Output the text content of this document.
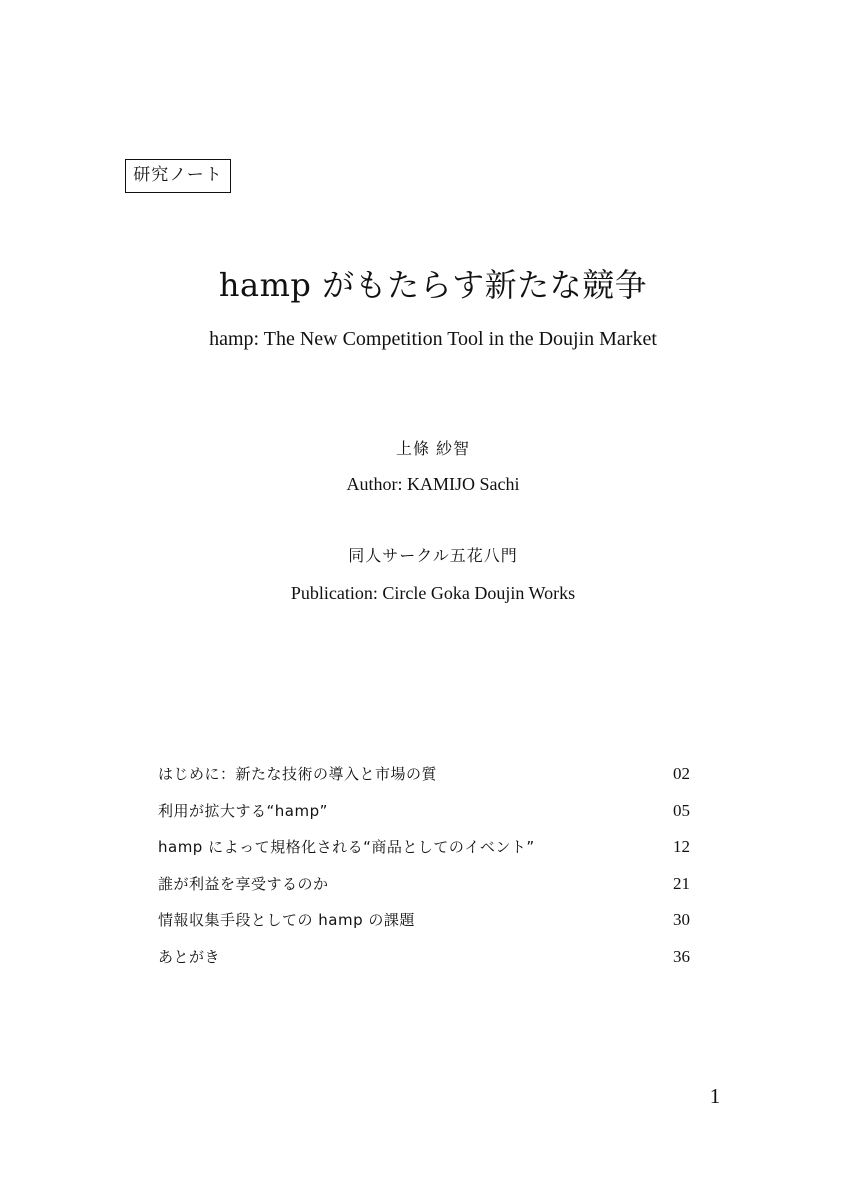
研究ノート
hamp がもたらす新たな競争
hamp: The New Competition Tool in the Doujin Market
上條 紗智
Author: KAMIJO Sachi
同人サークル五花八門
Publication: Circle Goka Doujin Works
はじめに：新たな技術の導入と市場の質	02
利用が拡大する“hamp”	05
hamp によって規格化される“商品としてのイベント”	12
誰が利益を享受するのか	21
情報収集手段としての hamp の課題	30
あとがき	36
1
